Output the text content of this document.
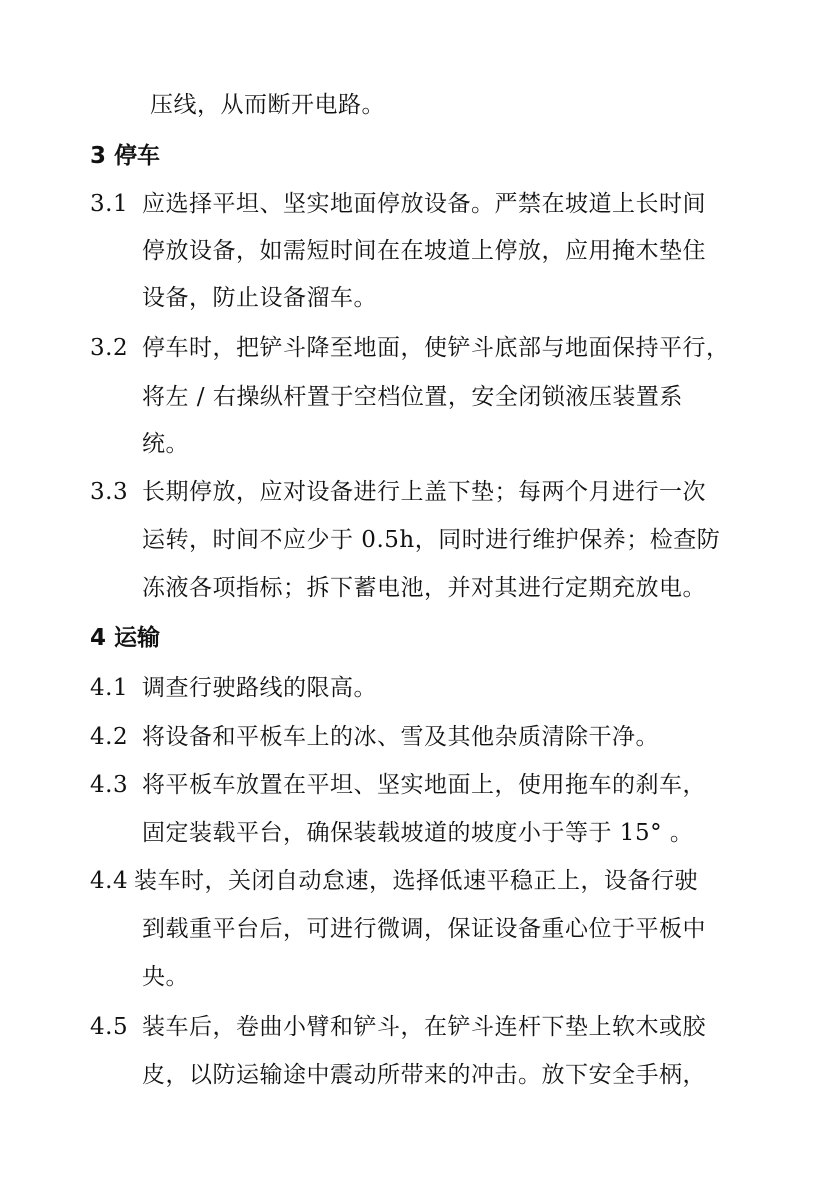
压线，从而断开电路。
3 停车
3.1 应选择平坦、坚实地面停放设备。严禁在坡道上长时间
停放设备，如需短时间在在坡道上停放，应用掩木垫住
设备，防止设备溜车。
3.2 停车时，把铲斗降至地面，使铲斗底部与地面保持平行，
将左 / 右操纵杆置于空档位置，安全闭锁液压装置系
统。
3.3 长期停放，应对设备进行上盖下垫；每两个月进行一次
运转，时间不应少于 0.5h，同时进行维护保养；检查防
冻液各项指标；拆下蓄电池，并对其进行定期充放电。
4 运输
4.1 调查行驶路线的限高。
4.2 将设备和平板车上的冰、雪及其他杂质清除干净。
4.3 将平板车放置在平坦、坚实地面上，使用拖车的刹车，
固定装载平台，确保装载坡道的坡度小于等于 15° 。
4.4 装车时，关闭自动怠速，选择低速平稳正上，设备行驶
到载重平台后，可进行微调，保证设备重心位于平板中
央。
4.5 装车后，卷曲小臂和铲斗，在铲斗连杆下垫上软木或胶
皮，以防运输途中震动所带来的冲击。放下安全手柄，
